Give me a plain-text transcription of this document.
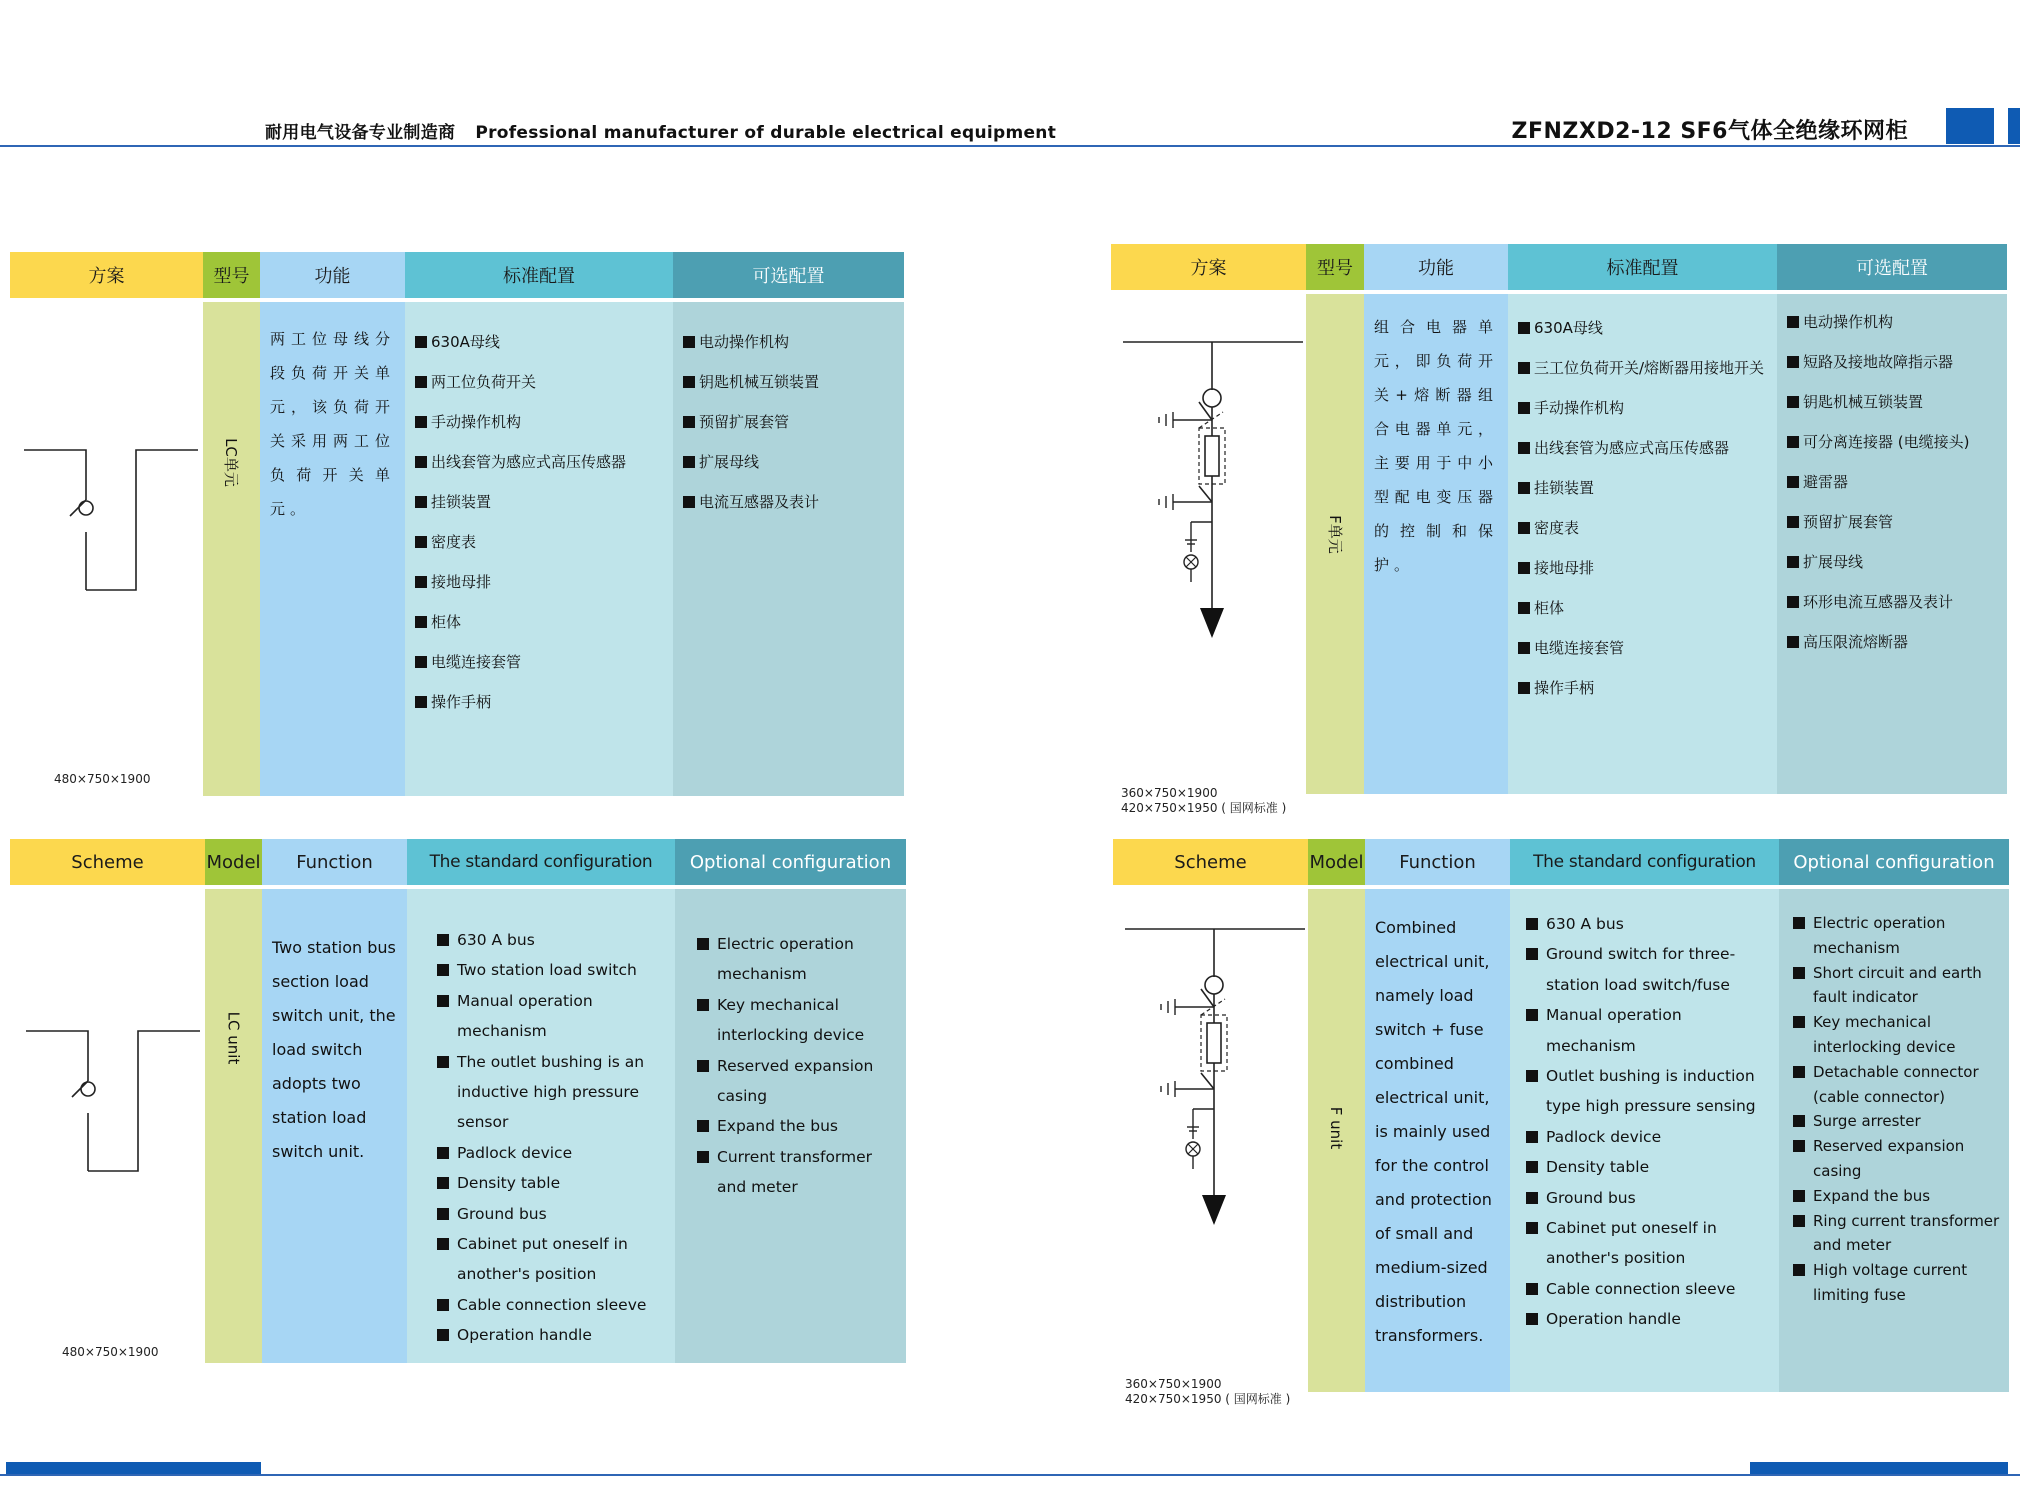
耐用电气设备专业制造商 Professional manufacturer of durable electrical equipment	ZFNZXD2-12 SF6气体全绝缘环网柜
方案
480×750×1900
型号
LC单元
功能
两工位母线分段负荷开关单元，该负荷开关采用两工位负荷开关单元。
标准配置
630A母线
两工位负荷开关
手动操作机构
出线套管为感应式高压传感器
挂锁装置
密度表
接地母排
柜体
电缆连接套管
操作手柄
可选配置
电动操作机构
钥匙机械互锁装置
预留扩展套管
扩展母线
电流互感器及表计
方案
360×750×1900
420×750×1950 ( 国网标准 )
型号
F单元
功能
组合电器单元，即负荷开关+熔断器组合电器单元，主要用于中小型配电变压器的控制和保护。
标准配置
630A母线
三工位负荷开关/熔断器用接地开关
手动操作机构
出线套管为感应式高压传感器
挂锁装置
密度表
接地母排
柜体
电缆连接套管
操作手柄
可选配置
电动操作机构
短路及接地故障指示器
钥匙机械互锁装置
可分离连接器 (电缆接头)
避雷器
预留扩展套管
扩展母线
环形电流互感器及表计
高压限流熔断器
Scheme
480×750×1900
Model
LC unit
Function
Two station bus section load switch unit, the load switch adopts two station load switch unit.
The standard configuration
630 A bus
Two station load switch
Manual operation mechanism
The outlet bushing is an inductive high pressure sensor
Padlock device
Density table
Ground bus
Cabinet put oneself in another's position
Cable connection sleeve
Operation handle
Optional configuration
Electric operation mechanism
Key mechanical interlocking device
Reserved expansion casing
Expand the bus
Current transformer and meter
Scheme
360×750×1900
420×750×1950 ( 国网标准 )
Model
F unit
Function
Combined electrical unit, namely load switch + fuse combined electrical unit, is mainly used for the control and protection of small and medium-sized distribution transformers.
The standard configuration
630 A bus
Ground switch for three-station load switch/fuse
Manual operation mechanism
Outlet bushing is induction type high pressure sensing
Padlock device
Density table
Ground bus
Cabinet put oneself in another's position
Cable connection sleeve
Operation handle
Optional configuration
Electric operation mechanism
Short circuit and earth fault indicator
Key mechanical interlocking device
Detachable connector (cable connector)
Surge arrester
Reserved expansion casing
Expand the bus
Ring current transformer and meter
High voltage current limiting fuse
